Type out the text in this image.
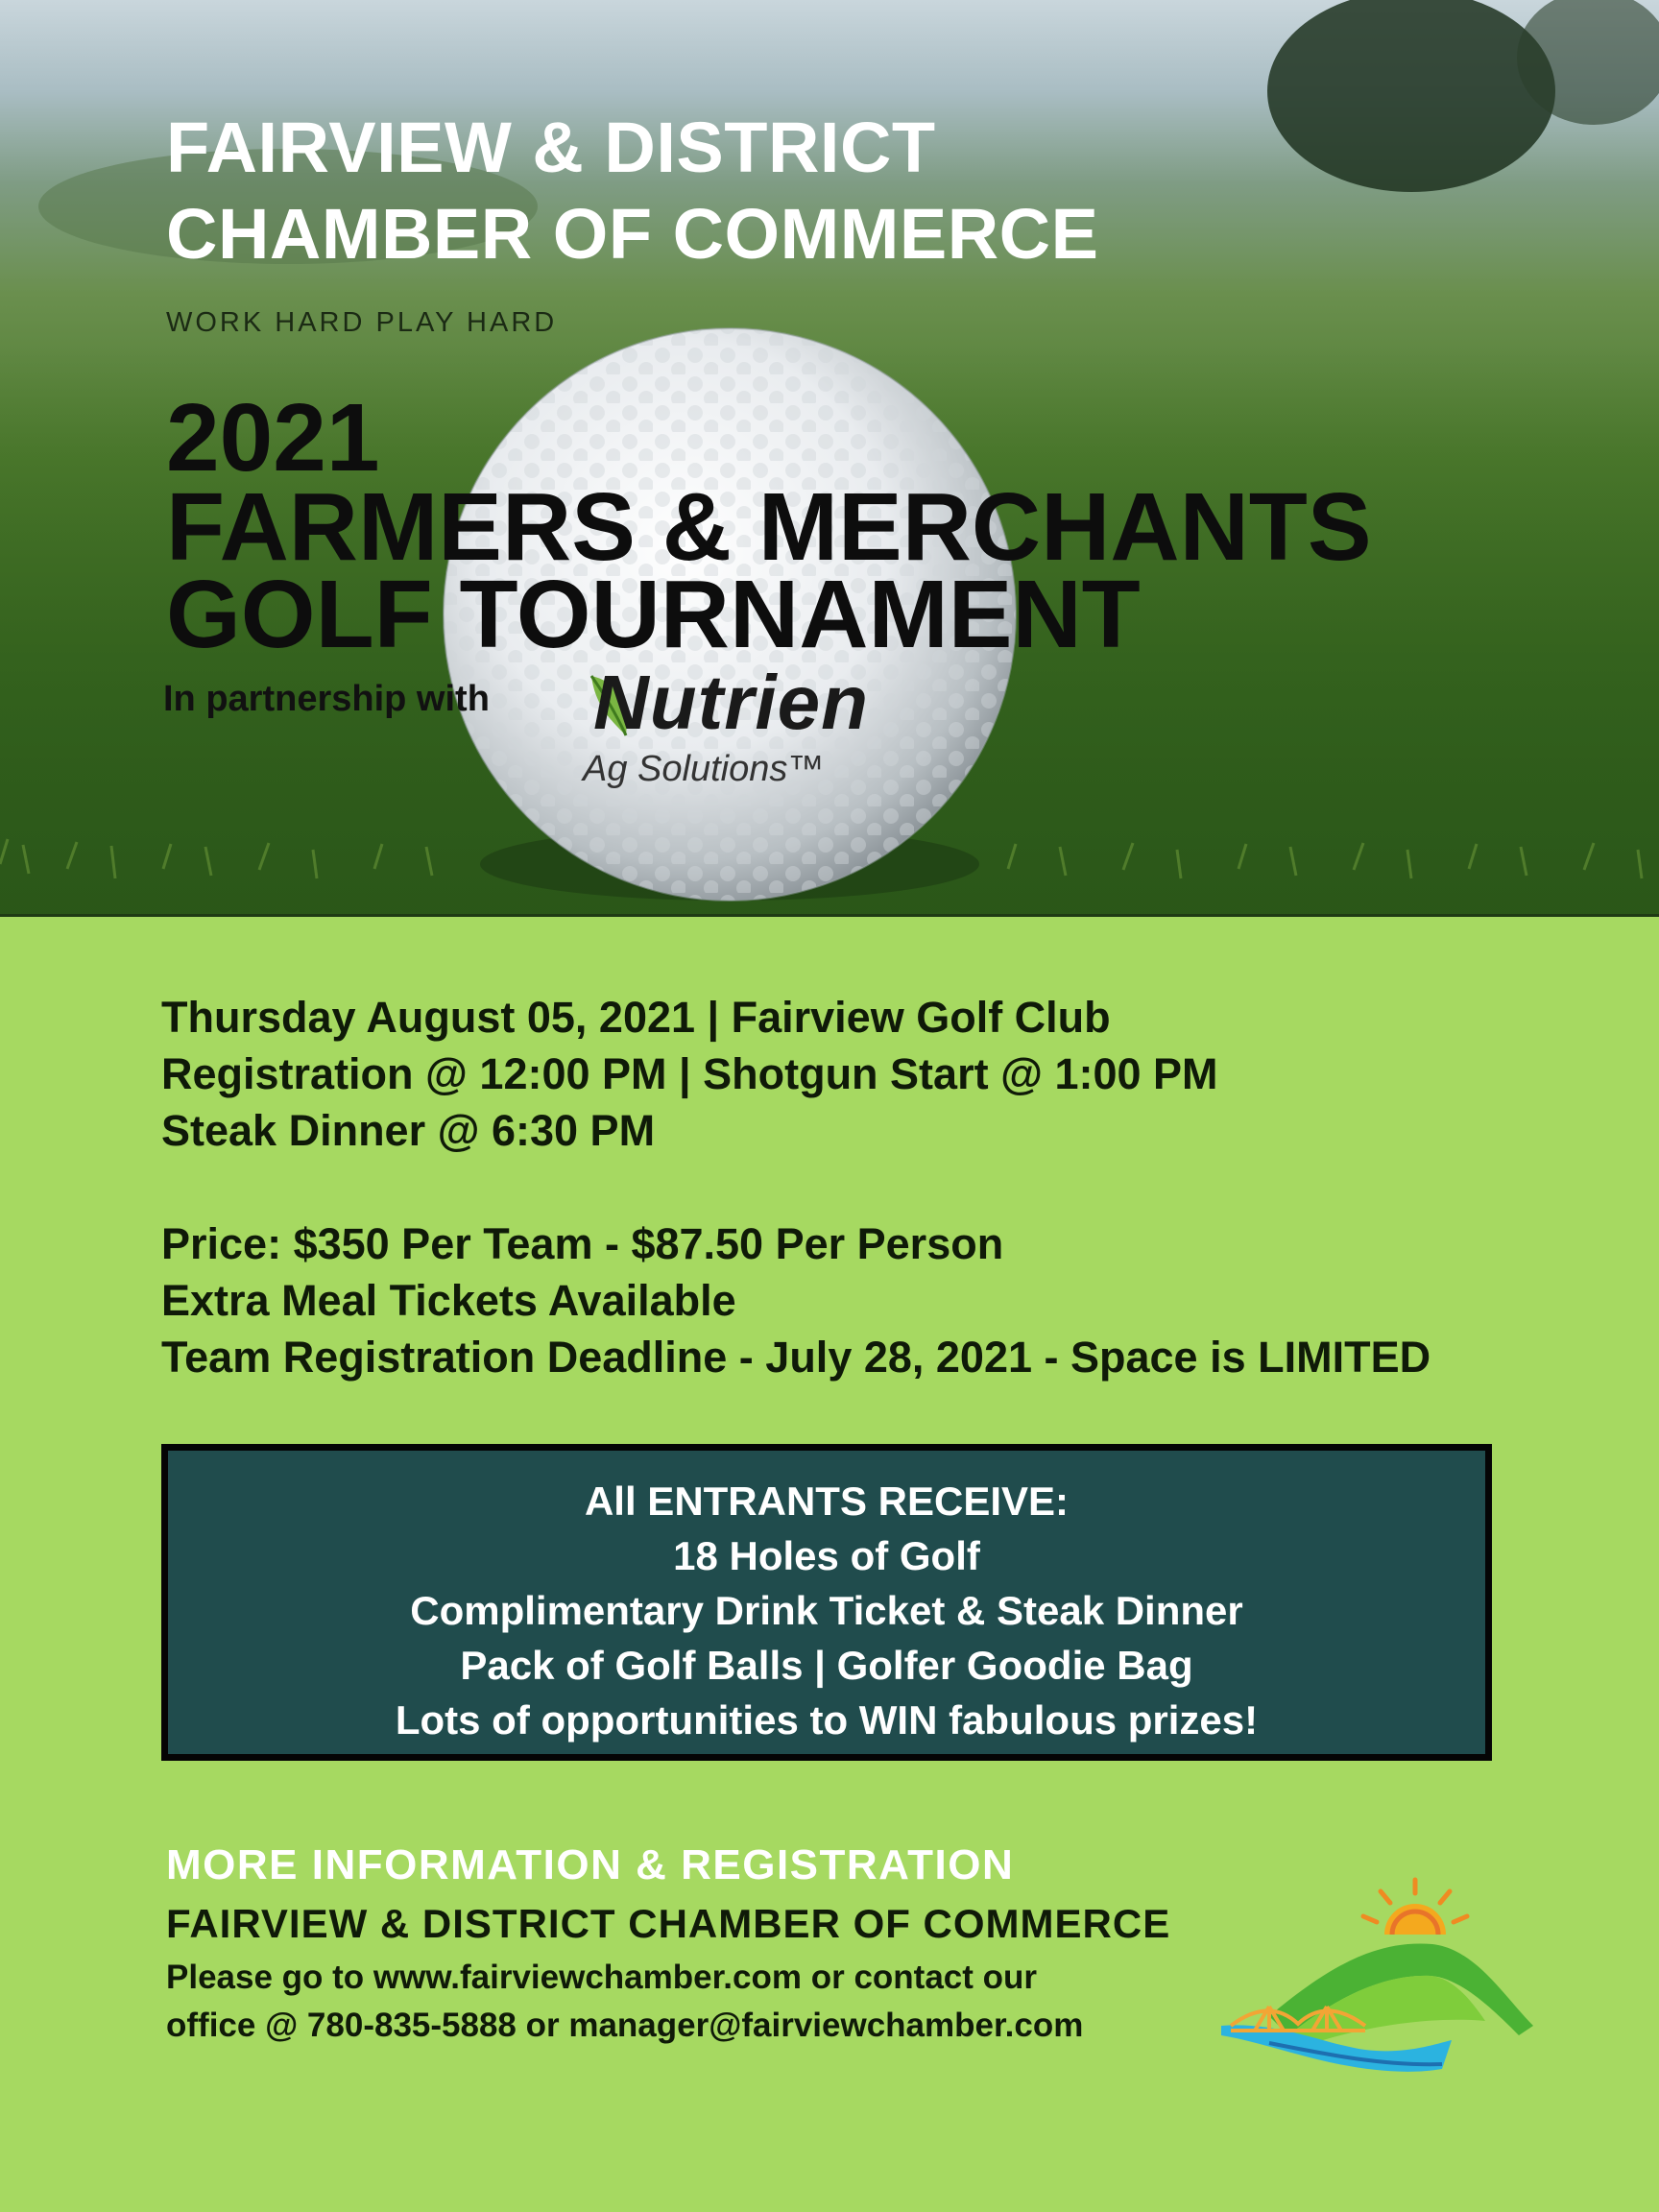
FAIRVIEW & DISTRICT
CHAMBER OF COMMERCE
WORK HARD PLAY HARD
2021
FARMERS & MERCHANTS
GOLF TOURNAMENT
In partnership with Nutrien
Ag Solutions™
Thursday August 05, 2021 | Fairview Golf Club
Registration @ 12:00 PM | Shotgun Start @ 1:00 PM
Steak Dinner @ 6:30 PM
Price: $350 Per Team - $87.50 Per Person
Extra Meal Tickets Available
Team Registration Deadline - July 28, 2021 - Space is LIMITED
All ENTRANTS RECEIVE:
18 Holes of Golf
Complimentary Drink Ticket & Steak Dinner
Pack of Golf Balls | Golfer Goodie Bag
Lots of opportunities to WIN fabulous prizes!
MORE INFORMATION & REGISTRATION
FAIRVIEW & DISTRICT CHAMBER OF COMMERCE
Please go to www.fairviewchamber.com or contact our
office @ 780-835-5888 or manager@fairviewchamber.com
